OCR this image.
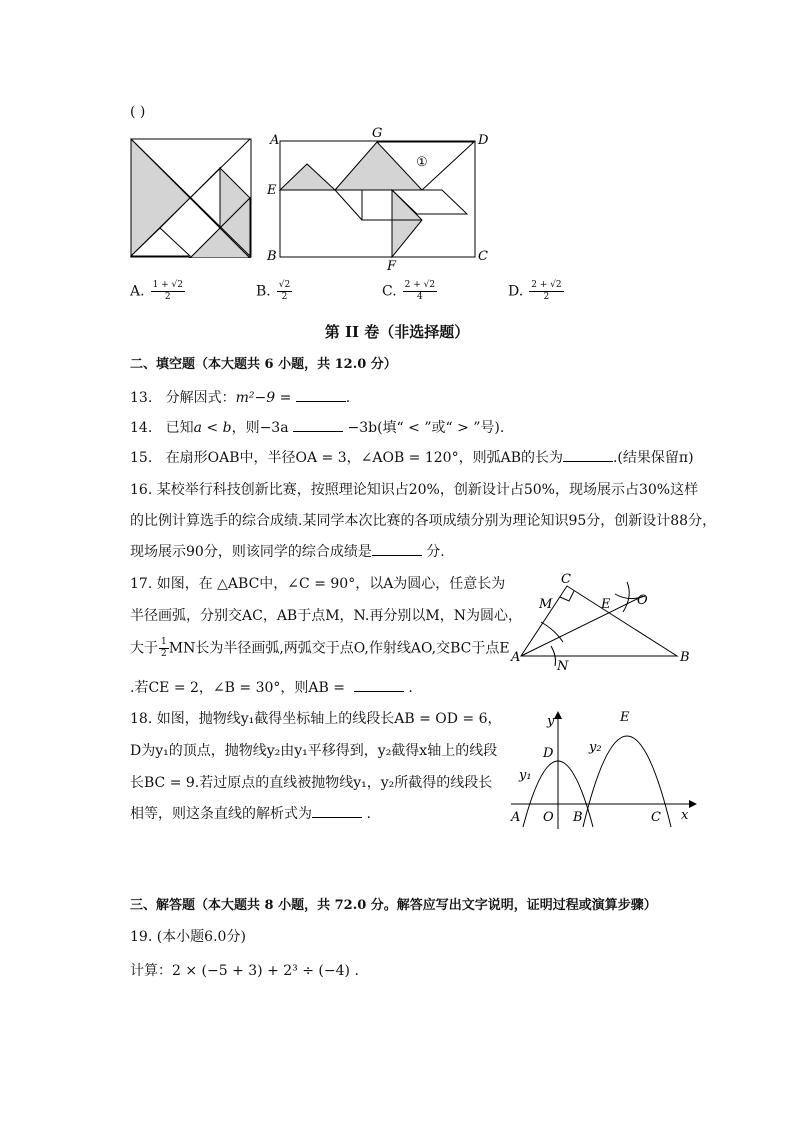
( )
A	G	D
E
B
F
C
①
A. $\frac{1 + √2}{2}$	B. $\frac{√2}{2}$	C. $\frac{2 + √2}{4}$	D. $\frac{2 + √2}{2}$
第 II 卷（非选择题）
二、填空题（本大题共 6 小题，共 12.0 分）
13. 分解因式：m²−9 =	.
14. 已知a < b，则−3a	−3b(填“ < ”或“ > ”号).
15. 在扇形OAB中，半径OA = 3，∠AOB = 120°，则弧AB的长为	.(结果保留π)
16. 某校举行科技创新比赛，按照理论知识占20%，创新设计占50%，现场展示占30%这样
的比例计算选手的综合成绩.某同学本次比赛的各项成绩分别为理论知识95分，创新设计88分，
现场展示90分，则该同学的综合成绩是	分.
17. 如图，在 △ABC中，∠C = 90°，以A为圆心，任意长为
半径画弧，分别交AC，AB于点M，N.再分别以M，N为圆心，
大于 $\frac{1}{2}$ MN长为半径画弧,两弧交于点O,作射线AO,交BC于点E
.若CE = 2，∠B = 30°，则AB =	.
C
M	E O
A
N
B
18. 如图，抛物线y₁截得坐标轴上的线段长AB = OD = 6，
D为y₁的顶点，抛物线y₂由y₁平移得到，y₂截得x轴上的线段
长BC = 9.若过原点的直线被抛物线y₁，y₂所截得的线段长
相等，则这条直线的解析式为	.
y	E
D	y₂
y₁
A O B	C x
三、解答题（本大题共 8 小题，共 72.0 分。解答应写出文字说明，证明过程或演算步骤）
19. (本小题6.0分)
计算：2 × (−5 + 3) + 2³ ÷ (−4) .
